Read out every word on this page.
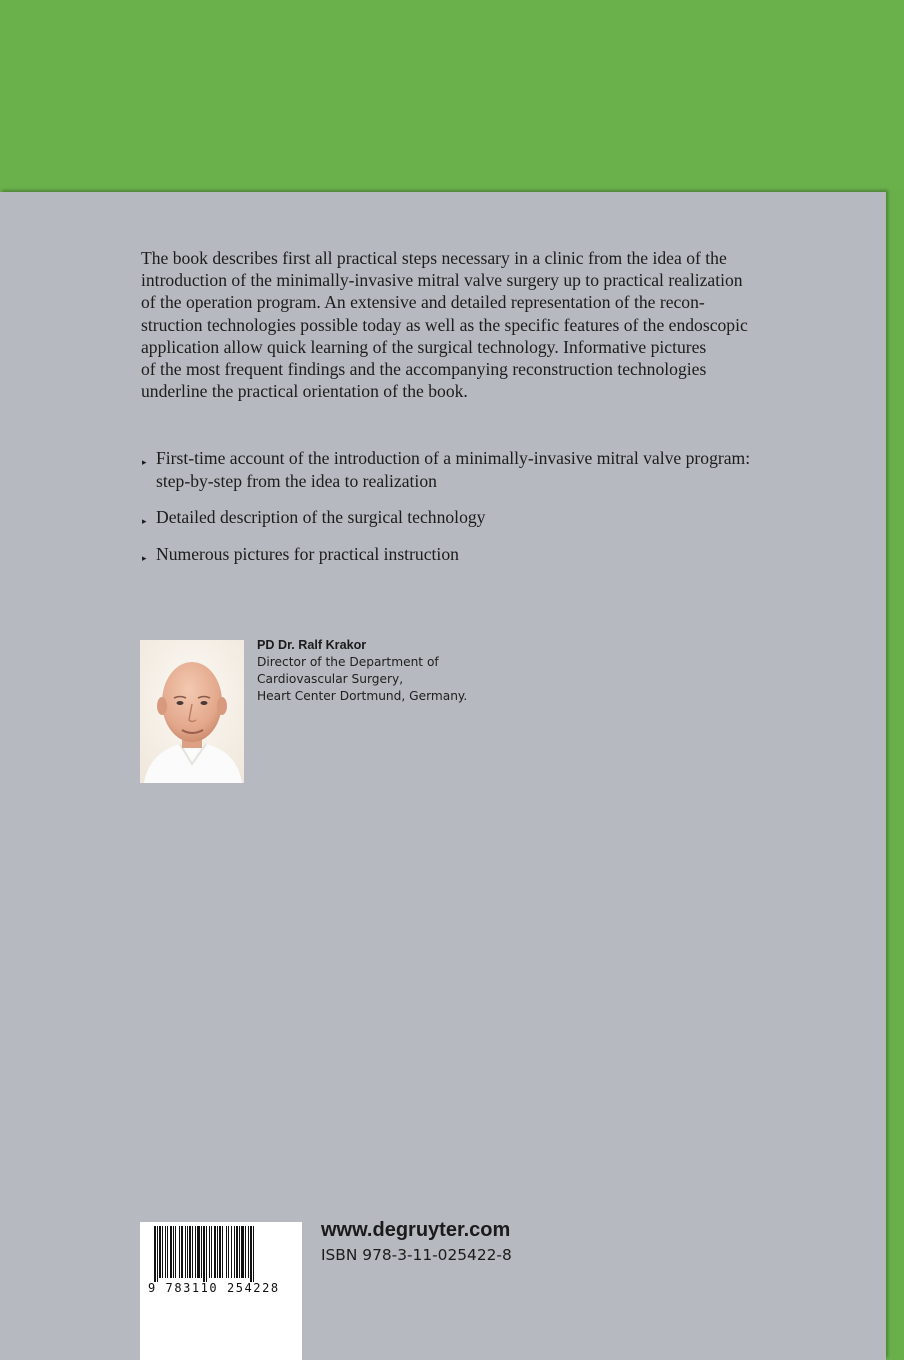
The book describes first all practical steps necessary in a clinic from the idea of the
introduction of the minimally-invasive mitral valve surgery up to practical realization
of the operation program. An extensive and detailed representation of the recon-
struction technologies possible today as well as the specific features of the endoscopic
application allow quick learning of the surgical technology. Informative pictures
of the most frequent findings and the accompanying reconstruction technologies
underline the practical orientation of the book.

▸ First-time account of the introduction of a minimally-invasive mitral valve program:
step-by-step from the idea to realization
▸ Detailed description of the surgical technology
▸ Numerous pictures for practical instruction
PD Dr. Ralf Krakor
Director of the Department of
Cardiovascular Surgery,
Heart Center Dortmund, Germany.
9 783110 254228
www.degruyter.com
ISBN 978-3-11-025422-8
